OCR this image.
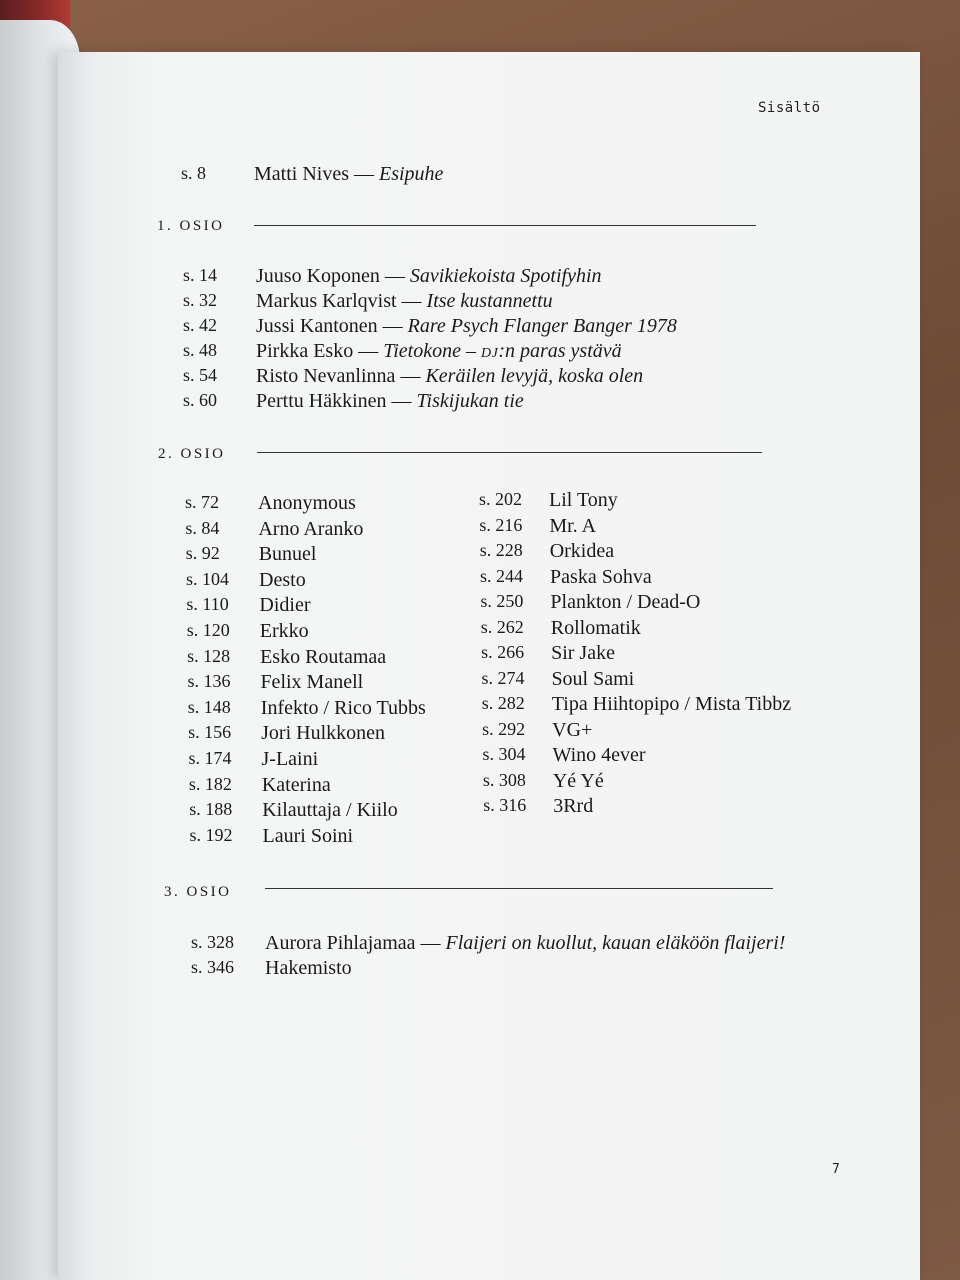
Sisältö
s. 8 Matti Nives — Esipuhe
1. OSIO
s. 14 Juuso Koponen — Savikiekoista Spotifyhin
s. 32 Markus Karlqvist — Itse kustannettu
s. 42 Jussi Kantonen — Rare Psych Flanger Banger 1978
s. 48 Pirkka Esko — Tietokone – DJ:n paras ystävä
s. 54 Risto Nevanlinna — Keräilen levyjä, koska olen
s. 60 Perttu Häkkinen — Tiskijukan tie
2. OSIO
3. OSIO
s. 328 Aurora Pihlajamaa — Flaijeri on kuollut, kauan eläköön flaijeri!
s. 346 Hakemisto
7
s. 72 Anonymous
s. 84 Arno Aranko
s. 92 Bunuel
s. 104 Desto
s. 110 Didier
s. 120 Erkko
s. 128 Esko Routamaa
s. 136 Felix Manell
s. 148 Infekto / Rico Tubbs
s. 156 Jori Hulkkonen
s. 174 J-Laini
s. 182 Katerina
s. 188 Kilauttaja / Kiilo
s. 192 Lauri Soini
s. 202 Lil Tony
s. 216 Mr. A
s. 228 Orkidea
s. 244 Paska Sohva
s. 250 Plankton / Dead-O
s. 262 Rollomatik
s. 266 Sir Jake
s. 274 Soul Sami
s. 282 Tipa Hiihtopipo / Mista Tibbz
s. 292 VG+
s. 304 Wino 4ever
s. 308 Yé Yé
s. 316 3Rrd
